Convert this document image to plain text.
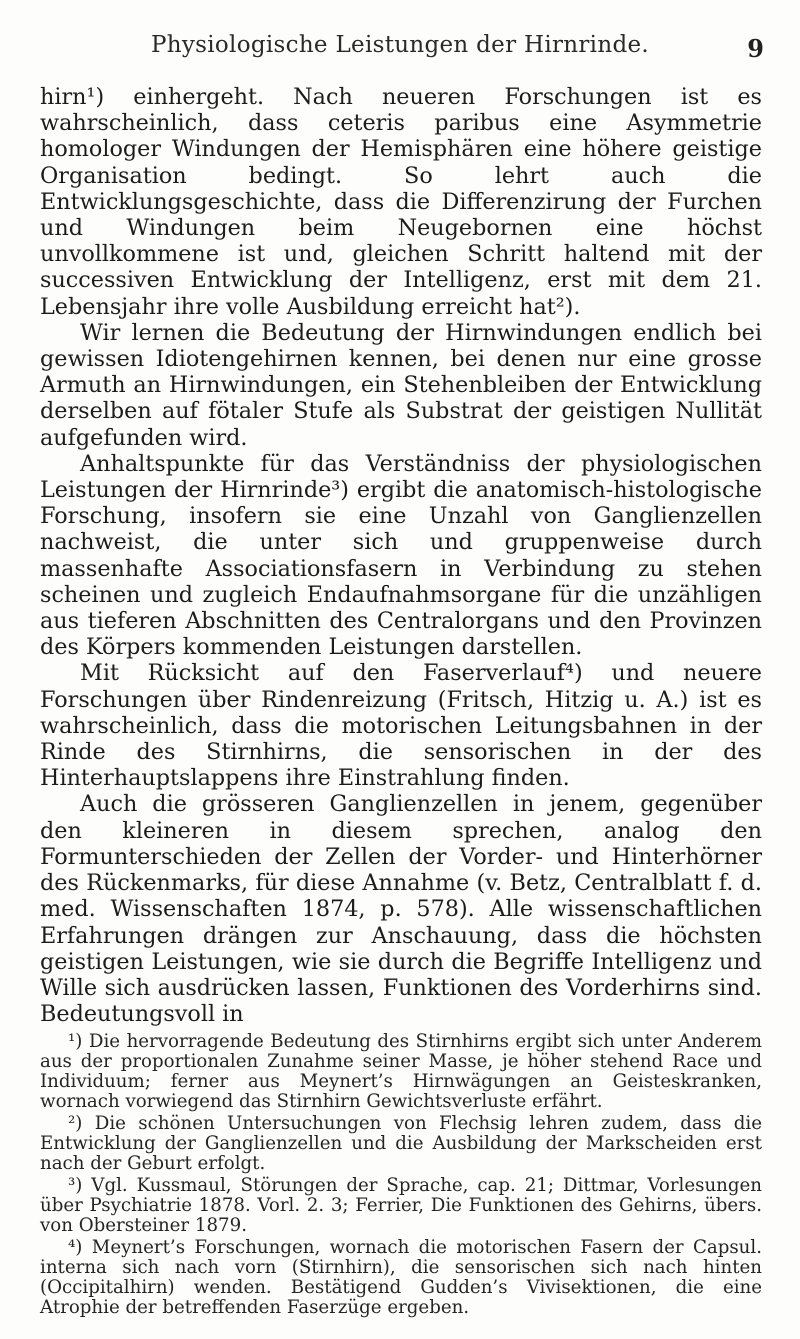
Physiologische Leistungen der Hirnrinde.	9

hirn¹) einhergeht. Nach neueren Forschungen ist es wahrscheinlich, dass ceteris paribus eine Asymmetrie homologer Windungen der Hemisphären eine höhere geistige Organisation bedingt. So lehrt auch die Entwicklungsgeschichte, dass die Differenzirung der Furchen und Windungen beim Neugebornen eine höchst unvollkommene ist und, gleichen Schritt haltend mit der successiven Entwicklung der Intelligenz, erst mit dem 21. Lebensjahr ihre volle Ausbildung erreicht hat²).

Wir lernen die Bedeutung der Hirnwindungen endlich bei gewissen Idiotengehirnen kennen, bei denen nur eine grosse Armuth an Hirnwindungen, ein Stehenbleiben der Entwicklung derselben auf fötaler Stufe als Substrat der geistigen Nullität aufgefunden wird.

Anhaltspunkte für das Verständniss der physiologischen Leistungen der Hirnrinde³) ergibt die anatomisch-histologische Forschung, insofern sie eine Unzahl von Ganglienzellen nachweist, die unter sich und gruppenweise durch massenhafte Associationsfasern in Verbindung zu stehen scheinen und zugleich Endaufnahmsorgane für die unzähligen aus tieferen Abschnitten des Centralorgans und den Provinzen des Körpers kommenden Leistungen darstellen.

Mit Rücksicht auf den Faserverlauf⁴) und neuere Forschungen über Rindenreizung (Fritsch, Hitzig u. A.) ist es wahrscheinlich, dass die motorischen Leitungsbahnen in der Rinde des Stirnhirns, die sensorischen in der des Hinterhauptslappens ihre Einstrahlung finden.

Auch die grösseren Ganglienzellen in jenem, gegenüber den kleineren in diesem sprechen, analog den Formunterschieden der Zellen der Vorder- und Hinterhörner des Rückenmarks, für diese Annahme (v. Betz, Centralblatt f. d. med. Wissenschaften 1874, p. 578). Alle wissenschaftlichen Erfahrungen drängen zur Anschauung, dass die höchsten geistigen Leistungen, wie sie durch die Begriffe Intelligenz und Wille sich ausdrücken lassen, Funktionen des Vorderhirns sind. Bedeutungsvoll in

¹) Die hervorragende Bedeutung des Stirnhirns ergibt sich unter Anderem aus der proportionalen Zunahme seiner Masse, je höher stehend Race und Individuum; ferner aus Meynert’s Hirnwägungen an Geisteskranken, wornach vorwiegend das Stirnhirn Gewichtsverluste erfährt.

²) Die schönen Untersuchungen von Flechsig lehren zudem, dass die Entwicklung der Ganglienzellen und die Ausbildung der Markscheiden erst nach der Geburt erfolgt.

³) Vgl. Kussmaul, Störungen der Sprache, cap. 21; Dittmar, Vorlesungen über Psychiatrie 1878. Vorl. 2. 3; Ferrier, Die Funktionen des Gehirns, übers. von Obersteiner 1879.

⁴) Meynert’s Forschungen, wornach die motorischen Fasern der Capsul. interna sich nach vorn (Stirnhirn), die sensorischen sich nach hinten (Occipitalhirn) wenden. Bestätigend Gudden’s Vivisektionen, die eine Atrophie der betreffenden Faserzüge ergeben.
